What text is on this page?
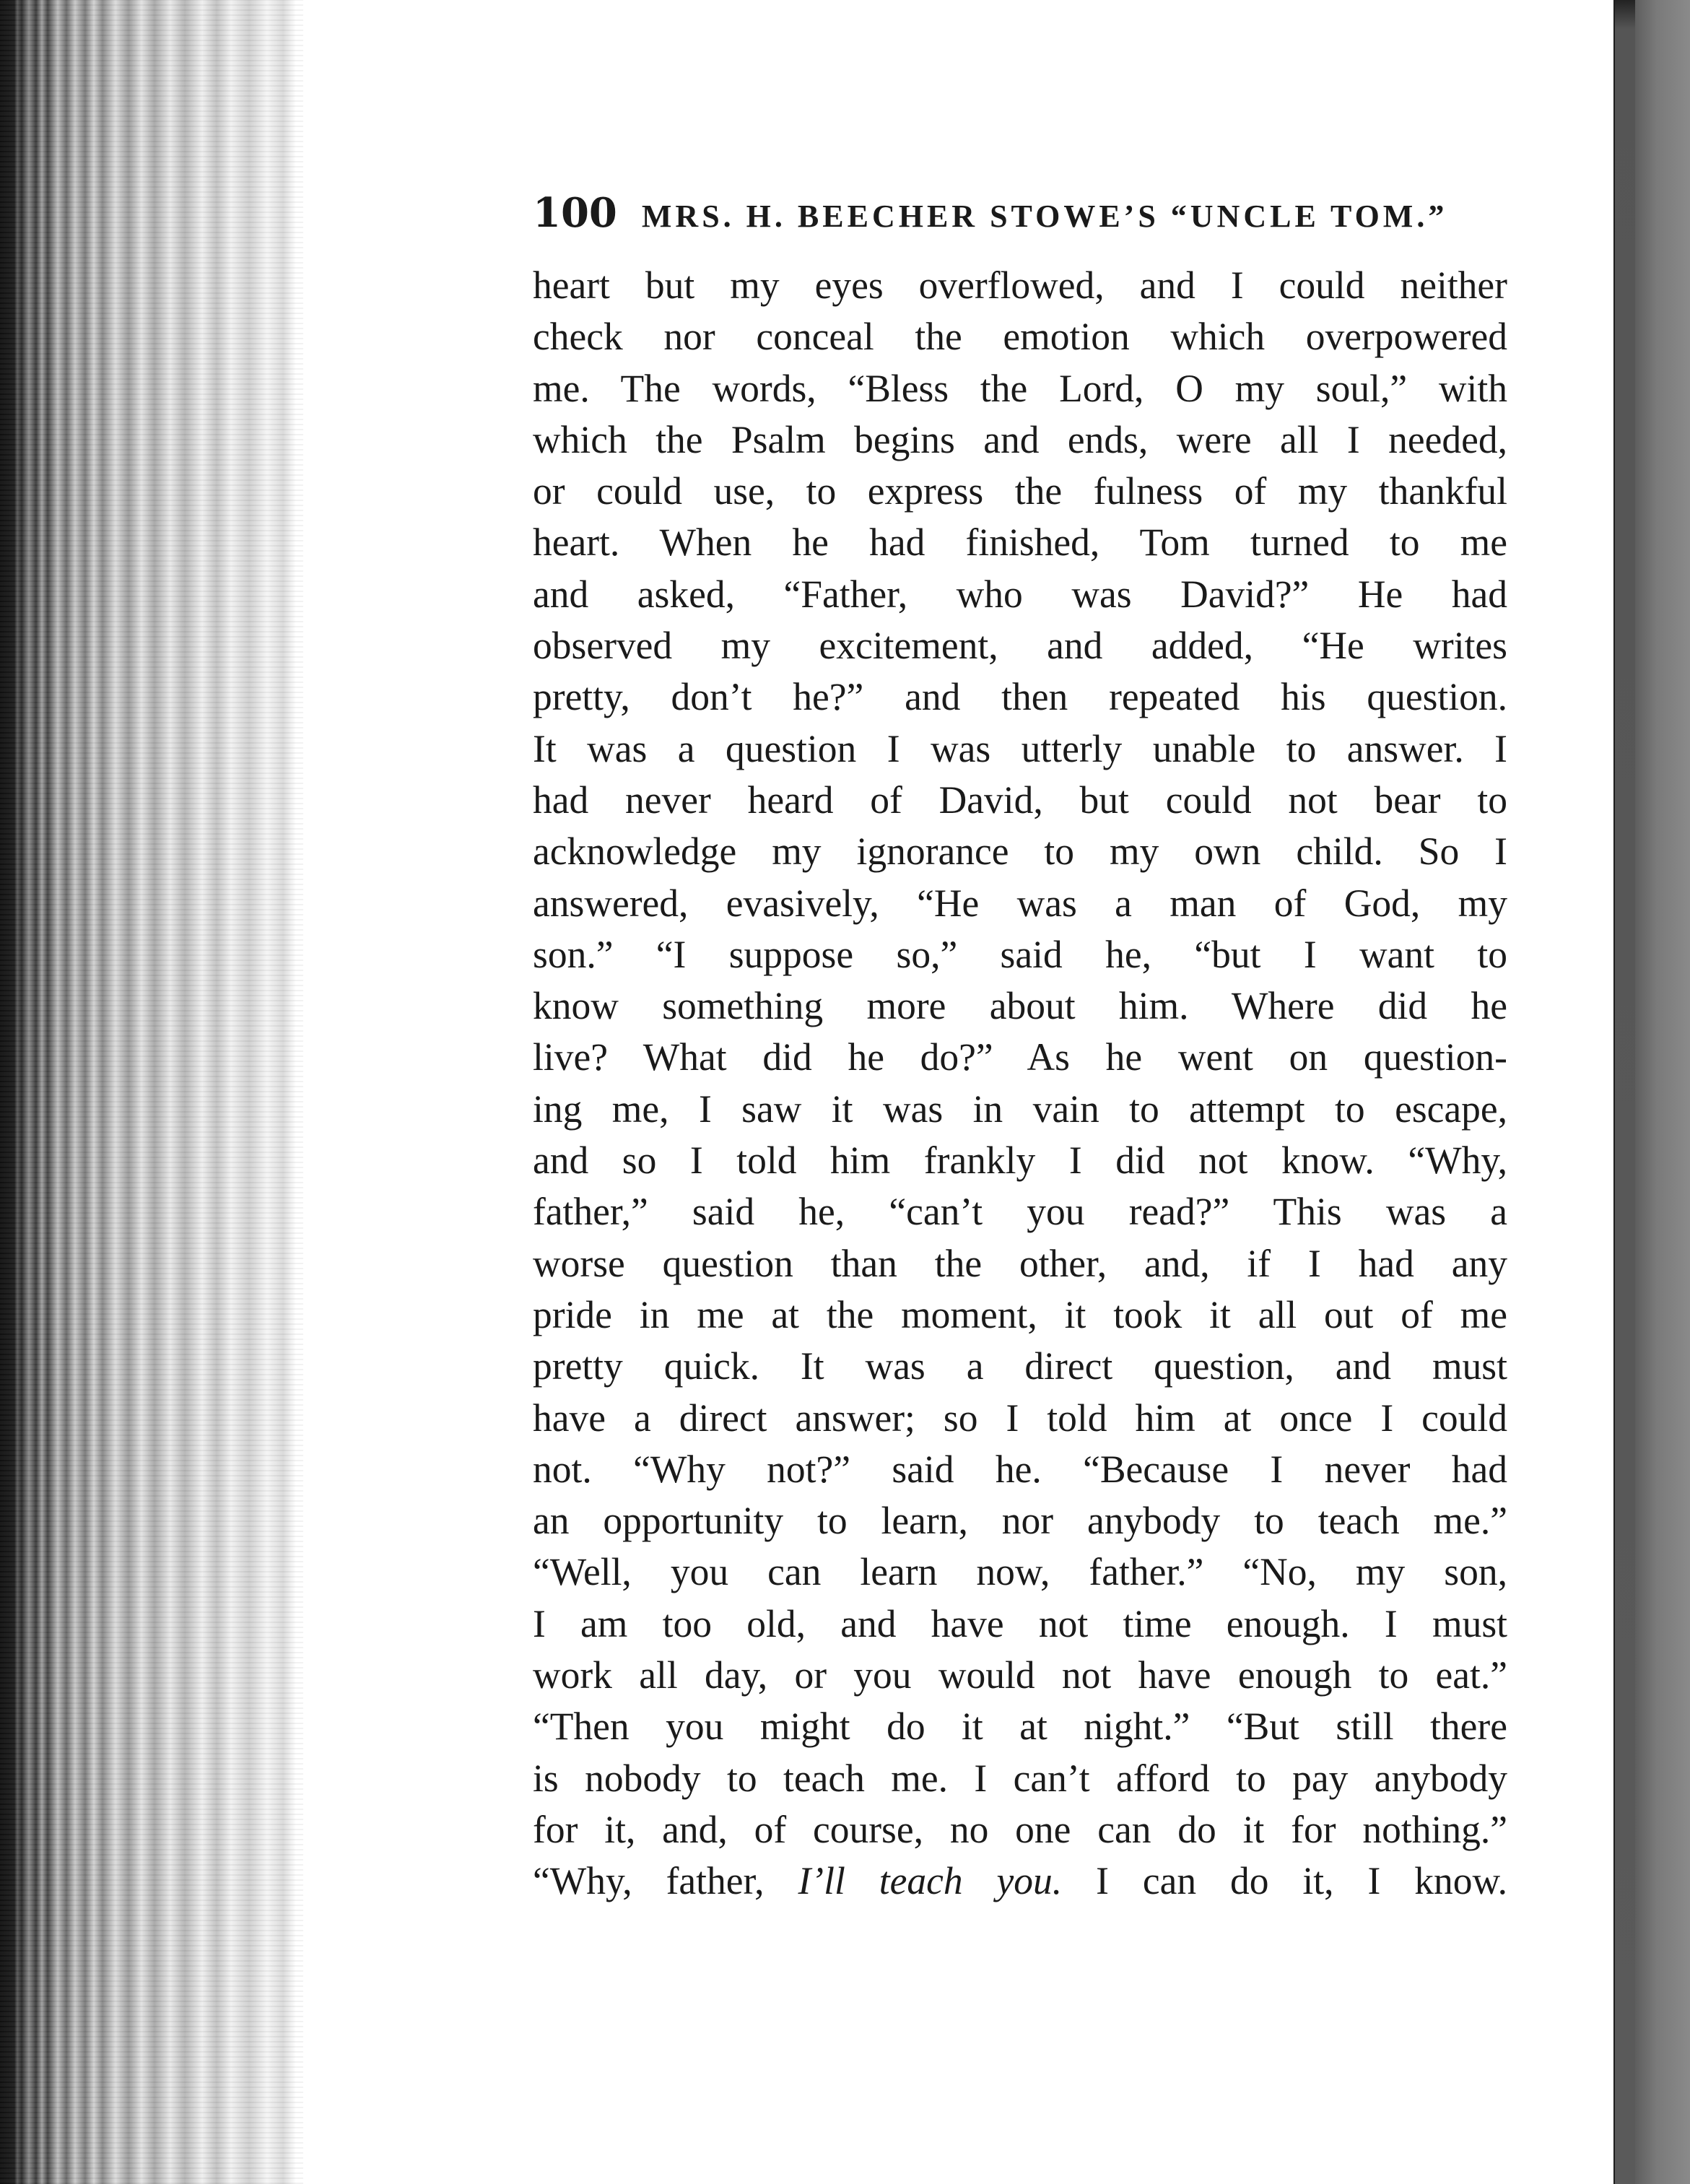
100 MRS. H. BEECHER STOWE’S “UNCLE TOM.”
heart but my eyes overflowed, and I could neither
check nor conceal the emotion which overpowered
me. The words, “Bless the Lord, O my soul,” with
which the Psalm begins and ends, were all I needed,
or could use, to express the fulness of my thankful
heart. When he had finished, Tom turned to me
and asked, “Father, who was David?” He had
observed my excitement, and added, “He writes
pretty, don’t he?” and then repeated his question.
It was a question I was utterly unable to answer. I
had never heard of David, but could not bear to
acknowledge my ignorance to my own child. So I
answered, evasively, “He was a man of God, my
son.” “I suppose so,” said he, “but I want to
know something more about him. Where did he
live? What did he do?” As he went on question-
ing me, I saw it was in vain to attempt to escape,
and so I told him frankly I did not know. “Why,
father,” said he, “can’t you read?” This was a
worse question than the other, and, if I had any
pride in me at the moment, it took it all out of me
pretty quick. It was a direct question, and must
have a direct answer; so I told him at once I could
not. “Why not?” said he. “Because I never had
an opportunity to learn, nor anybody to teach me.”
“Well, you can learn now, father.” “No, my son,
I am too old, and have not time enough. I must
work all day, or you would not have enough to eat.”
“Then you might do it at night.” “But still there
is nobody to teach me. I can’t afford to pay anybody
for it, and, of course, no one can do it for nothing.”
“Why, father, I’ll teach you. I can do it, I know.
